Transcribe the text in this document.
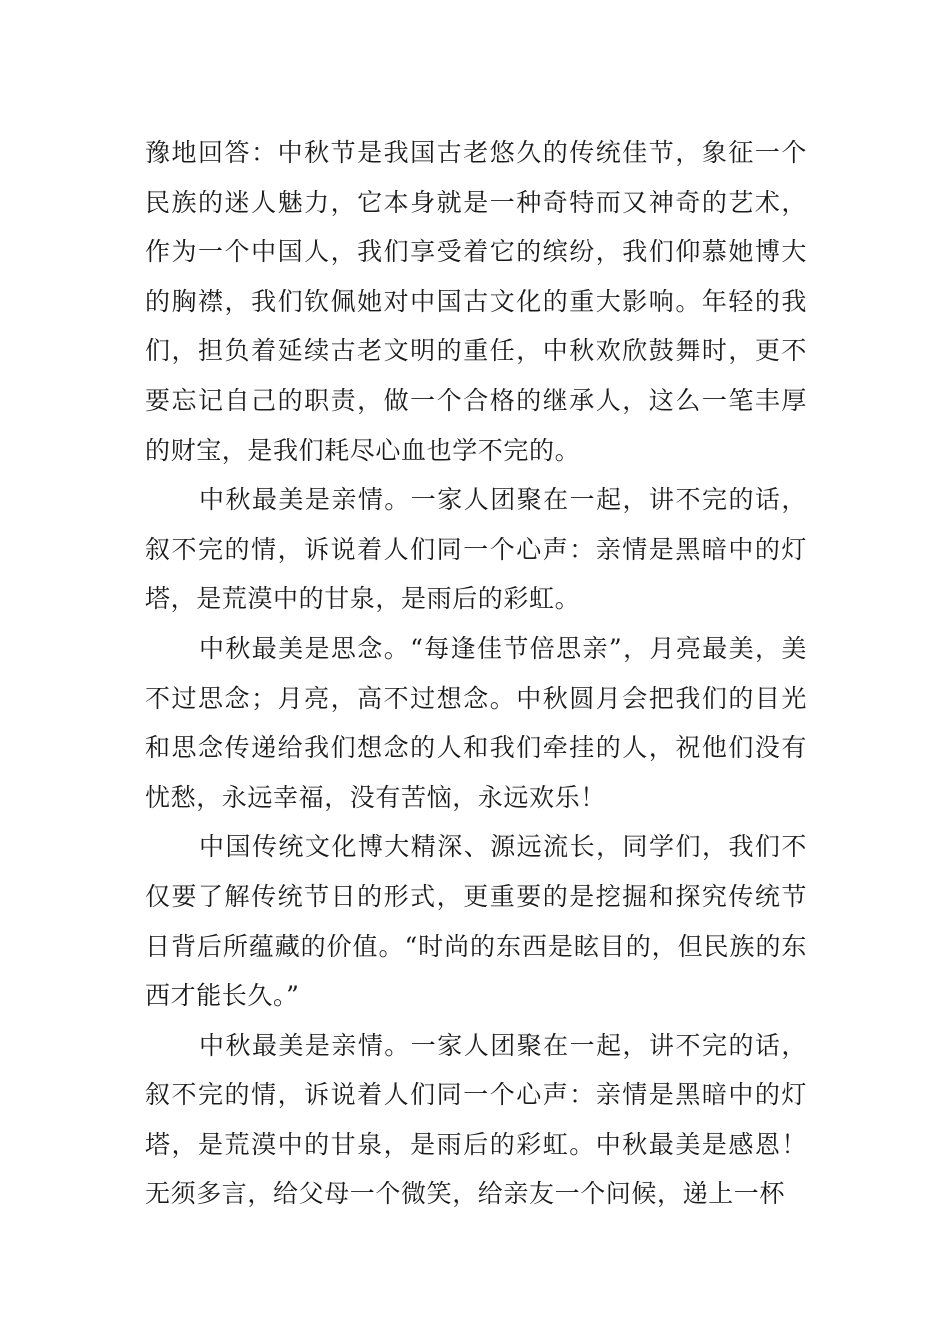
豫地回答：中秋节是我国古老悠久的传统佳节，象征一个民族的迷人魅力，它本身就是一种奇特而又神奇的艺术，作为一个中国人，我们享受着它的缤纷，我们仰慕她博大的胸襟，我们钦佩她对中国古文化的重大影响。年轻的我们，担负着延续古老文明的重任，中秋欢欣鼓舞时，更不要忘记自己的职责，做一个合格的继承人，这么一笔丰厚的财宝，是我们耗尽心血也学不完的。

中秋最美是亲情。一家人团聚在一起，讲不完的话，叙不完的情，诉说着人们同一个心声：亲情是黑暗中的灯塔，是荒漠中的甘泉，是雨后的彩虹。

中秋最美是思念。“每逢佳节倍思亲”，月亮最美，美不过思念；月亮，高不过想念。中秋圆月会把我们的目光和思念传递给我们想念的人和我们牵挂的人，祝他们没有忧愁，永远幸福，没有苦恼，永远欢乐！

中国传统文化博大精深、源远流长，同学们，我们不仅要了解传统节日的形式，更重要的是挖掘和探究传统节日背后所蕴藏的价值。“时尚的东西是眩目的，但民族的东西才能长久。”

中秋最美是亲情。一家人团聚在一起，讲不完的话，叙不完的情，诉说着人们同一个心声：亲情是黑暗中的灯塔，是荒漠中的甘泉，是雨后的彩虹。中秋最美是感恩！无须多言，给父母一个微笑，给亲友一个问候，递上一杯
